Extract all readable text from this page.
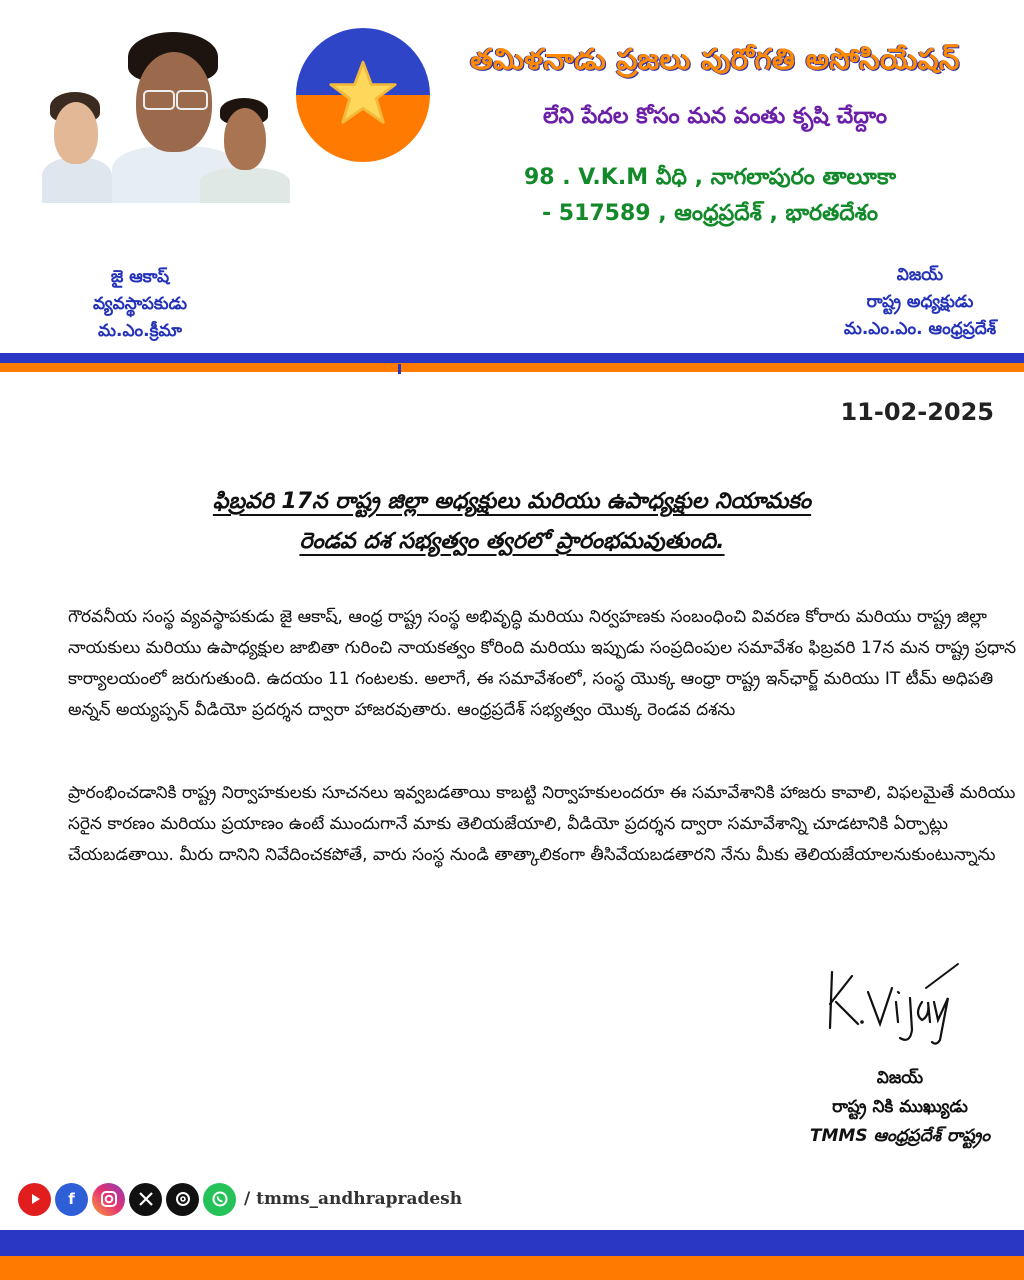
తమిళనాడు ప్రజలు పురోగతి అసోసియేషన్
లేని పేదల కోసం మన వంతు కృషి చేద్దాం
98 . V.K.M వీధి , నాగలాపురం తాలూకా
- 517589 , ఆంధ్రప్రదేశ్ , భారతదేశం
జై ఆకాష్
వ్యవస్థాపకుడు
మ.ఎం.క్రీమా
విజయ్
రాష్ట్ర అధ్యక్షుడు
మ.ఎం.ఎం. ఆంధ్రప్రదేశ్
11-02-2025
ఫిబ్రవరి 17న రాష్ట్ర జిల్లా అధ్యక్షులు మరియు ఉపాధ్యక్షుల నియామకం
రెండవ దశ సభ్యత్వం త్వరలో ప్రారంభమవుతుంది.
గౌరవనీయ సంస్థ వ్యవస్థాపకుడు జై ఆకాష్, ఆంధ్ర రాష్ట్ర సంస్థ అభివృద్ధి మరియు నిర్వహణకు సంబంధించి వివరణ కోరారు మరియు రాష్ట్ర జిల్లా నాయకులు మరియు ఉపాధ్యక్షుల జాబితా గురించి నాయకత్వం కోరింది మరియు ఇప్పుడు సంప్రదింపుల సమావేశం ఫిబ్రవరి 17న మన రాష్ట్ర ప్రధాన కార్యాలయంలో జరుగుతుంది. ఉదయం 11 గంటలకు. అలాగే, ఈ సమావేశంలో, సంస్థ యొక్క ఆంధ్రా రాష్ట్ర ఇన్‌ఛార్జ్ మరియు IT టీమ్ అధిపతి అన్నన్ అయ్యప్పన్ వీడియో ప్రదర్శన ద్వారా హాజరవుతారు. ఆంధ్రప్రదేశ్ సభ్యత్వం యొక్క రెండవ దశను
ప్రారంభించడానికి రాష్ట్ర నిర్వాహకులకు సూచనలు ఇవ్వబడతాయి కాబట్టి నిర్వాహకులందరూ ఈ సమావేశానికి హాజరు కావాలి, విఫలమైతే మరియు సరైన కారణం మరియు ప్రయాణం ఉంటే ముందుగానే మాకు తెలియజేయాలి, వీడియో ప్రదర్శన ద్వారా సమావేశాన్ని చూడటానికి ఏర్పాట్లు చేయబడతాయి. మీరు దానిని నివేదించకపోతే, వారు సంస్థ నుండి తాత్కాలికంగా తీసివేయబడతారని నేను మీకు తెలియజేయాలనుకుంటున్నాను
విజయ్
రాష్ట్ర నికి ముఖ్యుడు
TMMS ఆంధ్రప్రదేశ్ రాష్ట్రం
f	/ tmms_andhrapradesh
